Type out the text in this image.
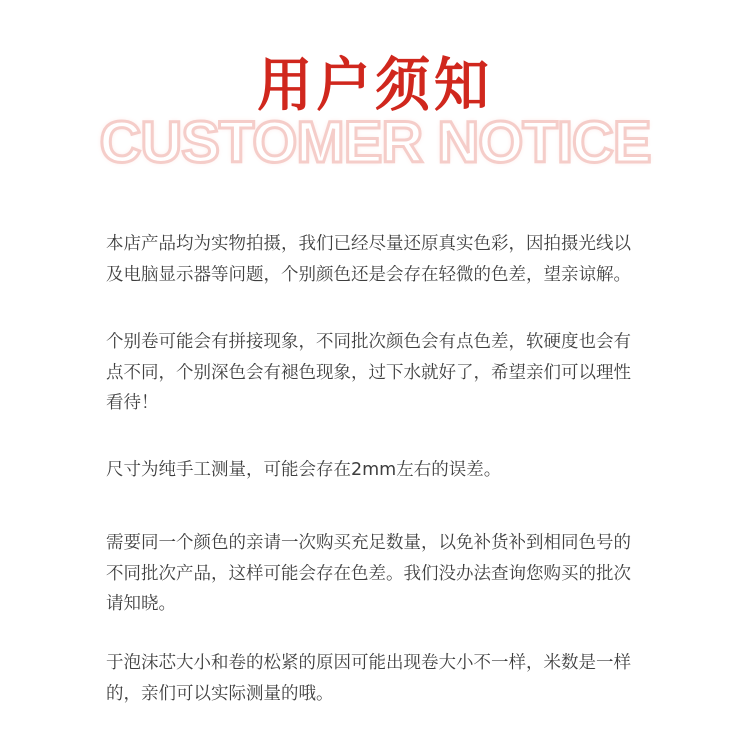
用户须知
CUSTOMER NOTICE

本店产品均为实物拍摄，我们已经尽量还原真实色彩，因拍摄光线以及电脑显示器等问题，个别颜色还是会存在轻微的色差，望亲谅解。

个别卷可能会有拼接现象，不同批次颜色会有点色差，软硬度也会有点不同，个别深色会有褪色现象，过下水就好了，希望亲们可以理性看待！

尺寸为纯手工测量，可能会存在2mm左右的误差。

需要同一个颜色的亲请一次购买充足数量，以免补货补到相同色号的不同批次产品，这样可能会存在色差。我们没办法查询您购买的批次请知晓。

于泡沫芯大小和卷的松紧的原因可能出现卷大小不一样，米数是一样的，亲们可以实际测量的哦。
